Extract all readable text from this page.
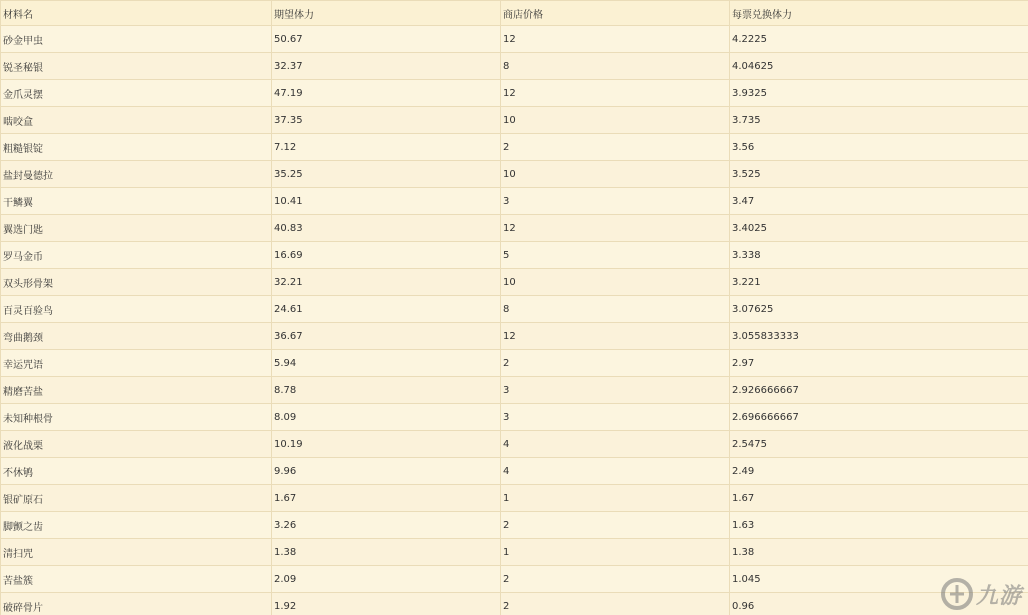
材料名	期望体力	商店价格	每票兑换体力
砂金甲虫	50.67	12	4.2225
锐圣秘银	32.37	8	4.04625
金爪灵摆	47.19	12	3.9325
啮咬盒	37.35	10	3.735
粗糙银锭	7.12	2	3.56
盐封曼德拉	35.25	10	3.525
干鳞翼	10.41	3	3.47
翼选门匙	40.83	12	3.4025
罗马金币	16.69	5	3.338
双头形骨架	32.21	10	3.221
百灵百验鸟	24.61	8	3.07625
弯曲鹅颈	36.67	12	3.055833333
幸运咒语	5.94	2	2.97
精磨苦盐	8.78	3	2.926666667
未知种根骨	8.09	3	2.696666667
液化战栗	10.19	4	2.5475
不休鸲	9.96	4	2.49
银矿原石	1.67	1	1.67
脚颤之齿	3.26	2	1.63
清扫咒	1.38	1	1.38
苦盐簇	2.09	2	1.045
破碎骨片	1.92	2	0.96	九游
